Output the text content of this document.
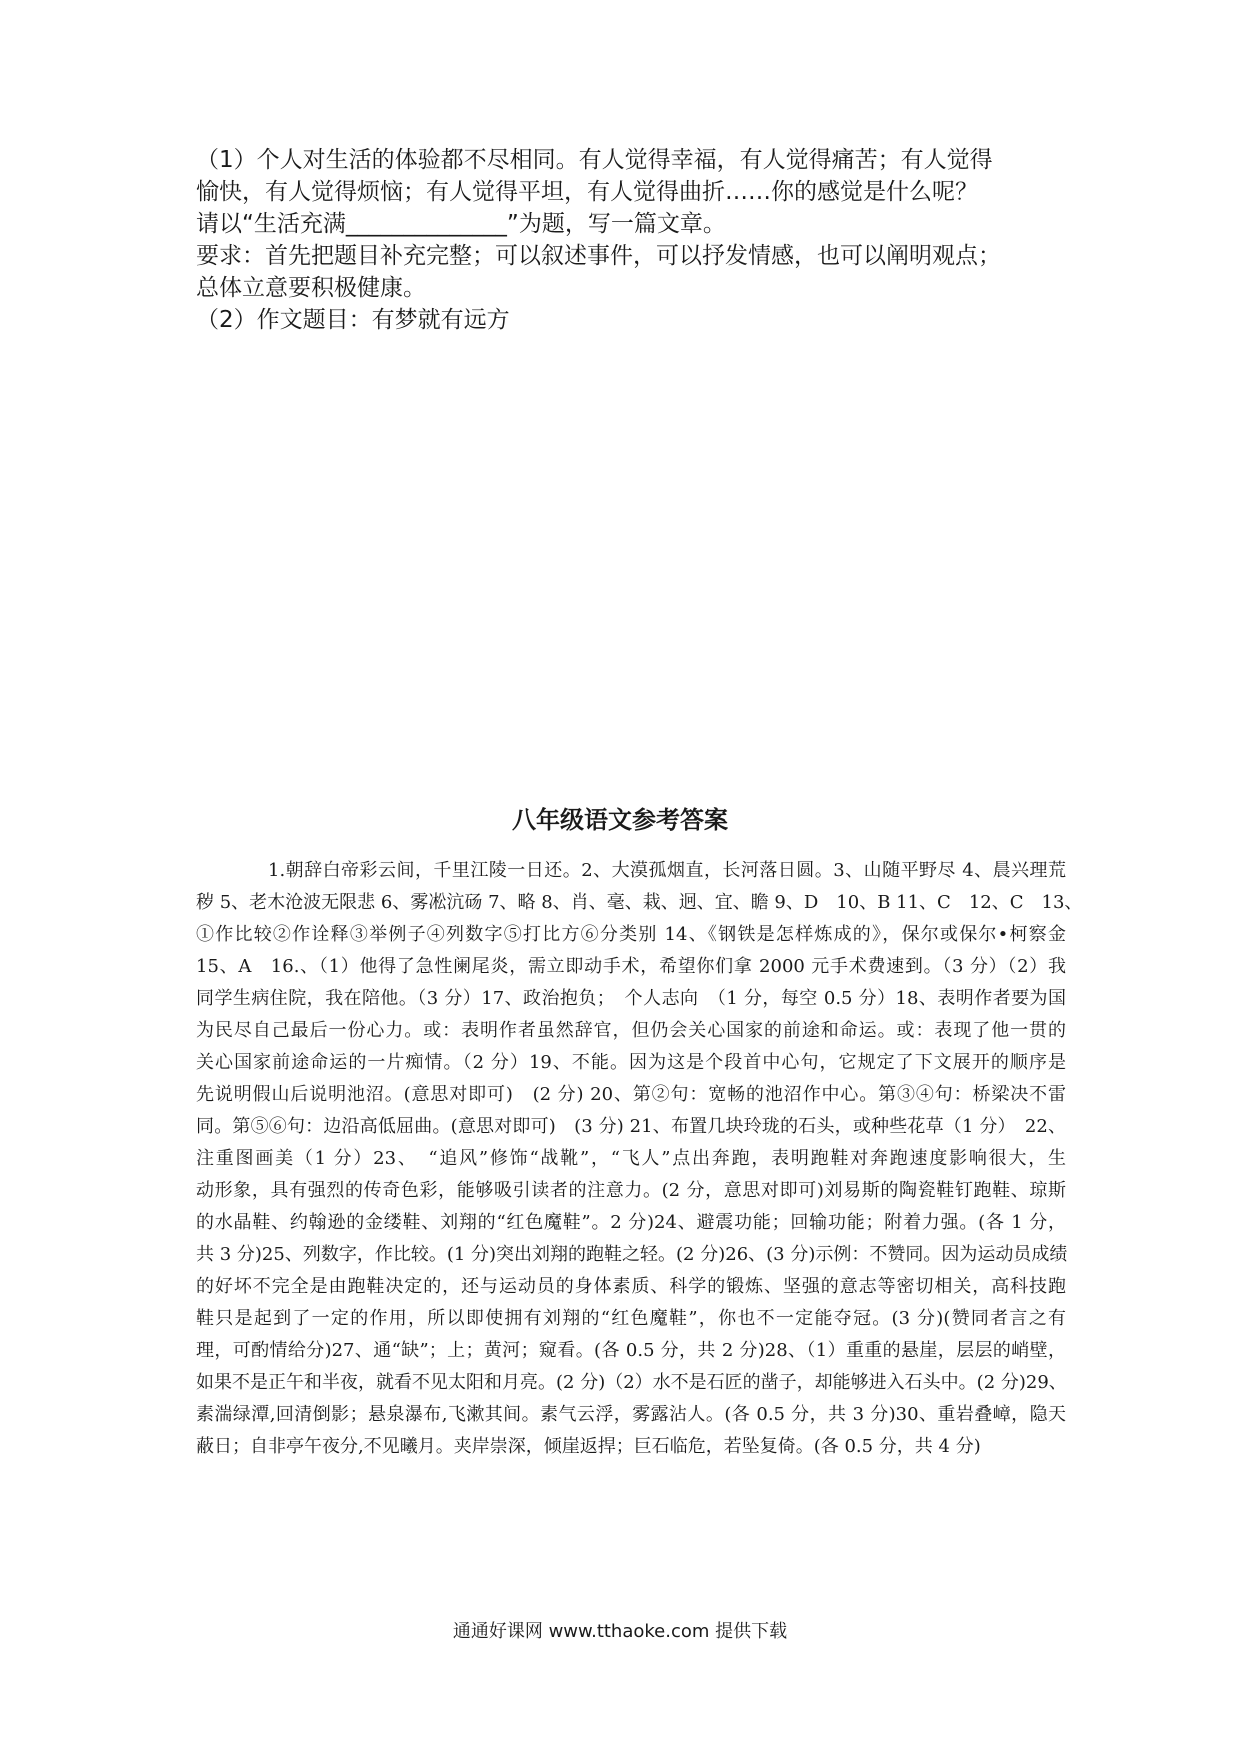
（1）个人对生活的体验都不尽相同。有人觉得幸福，有人觉得痛苦；有人觉得

愉快，有人觉得烦恼；有人觉得平坦，有人觉得曲折……你的感觉是什么呢？

请以“生活充满______________”为题，写一篇文章。

要求：首先把题目补充完整；可以叙述事件，可以抒发情感，也可以阐明观点；

总体立意要积极健康。

（2）作文题目：有梦就有远方

八年级语文参考答案

1.朝辞白帝彩云间，千里江陵一日还。2、大漠孤烟直，长河落日圆。3、山随平野尽 4、晨兴理荒

秽 5、老木沧波无限悲 6、雾凇沆砀 7、略 8、肖、毫、栽、迥、宜、瞻 9、D　10、B 11、C　12、C　13、

①作比较②作诠释③举例子④列数字⑤打比方⑥分类别 14、《钢铁是怎样炼成的》，保尔或保尔•柯察金

15、A　16.、（1）他得了急性阑尾炎，需立即动手术，希望你们拿 2000 元手术费速到。（3 分）（2）我

同学生病住院，我在陪他。（3 分）17、政治抱负；　个人志向　（1 分，每空 0.5 分）18、表明作者要为国

为民尽自己最后一份心力。或：表明作者虽然辞官，但仍会关心国家的前途和命运。或：表现了他一贯的

关心国家前途命运的一片痴情。（2 分）19、不能。因为这是个段首中心句，它规定了下文展开的顺序是

先说明假山后说明池沼。(意思对即可)　(2 分) 20、第②句：宽畅的池沼作中心。第③④句：桥梁决不雷

同。第⑤⑥句：边沿高低屈曲。(意思对即可)　(3 分) 21、布置几块玲珑的石头，或种些花草（1 分）　22、

注重图画美（1 分）23、　“追风”修饰“战靴”，“飞人”点出奔跑，表明跑鞋对奔跑速度影响很大，生

动形象，具有强烈的传奇色彩，能够吸引读者的注意力。(2 分，意思对即可)刘易斯的陶瓷鞋钉跑鞋、琼斯

的水晶鞋、约翰逊的金缕鞋、刘翔的“红色魔鞋”。2 分)24、避震功能；回输功能；附着力强。(各 1 分，

共 3 分)25、列数字，作比较。(1 分)突出刘翔的跑鞋之轻。(2 分)26、(3 分)示例：不赞同。因为运动员成绩

的好坏不完全是由跑鞋决定的，还与运动员的身体素质、科学的锻炼、坚强的意志等密切相关，高科技跑

鞋只是起到了一定的作用，所以即使拥有刘翔的“红色魔鞋”，你也不一定能夺冠。(3 分)(赞同者言之有

理，可酌情给分)27、通“缺”；上；黄河；窥看。(各 0.5 分，共 2 分)28、（1）重重的悬崖，层层的峭壁，

如果不是正午和半夜，就看不见太阳和月亮。(2 分)（2）水不是石匠的凿子，却能够进入石头中。(2 分)29、

素湍绿潭,回清倒影；悬泉瀑布,飞漱其间。素气云浮，雾露沾人。(各 0.5 分，共 3 分)30、重岩叠嶂，隐天

蔽日；自非亭午夜分,不见曦月。夹岸崇深，倾崖返捍；巨石临危，若坠复倚。(各 0.5 分，共 4 分)

通通好课网 www.tthaoke.com 提供下载
